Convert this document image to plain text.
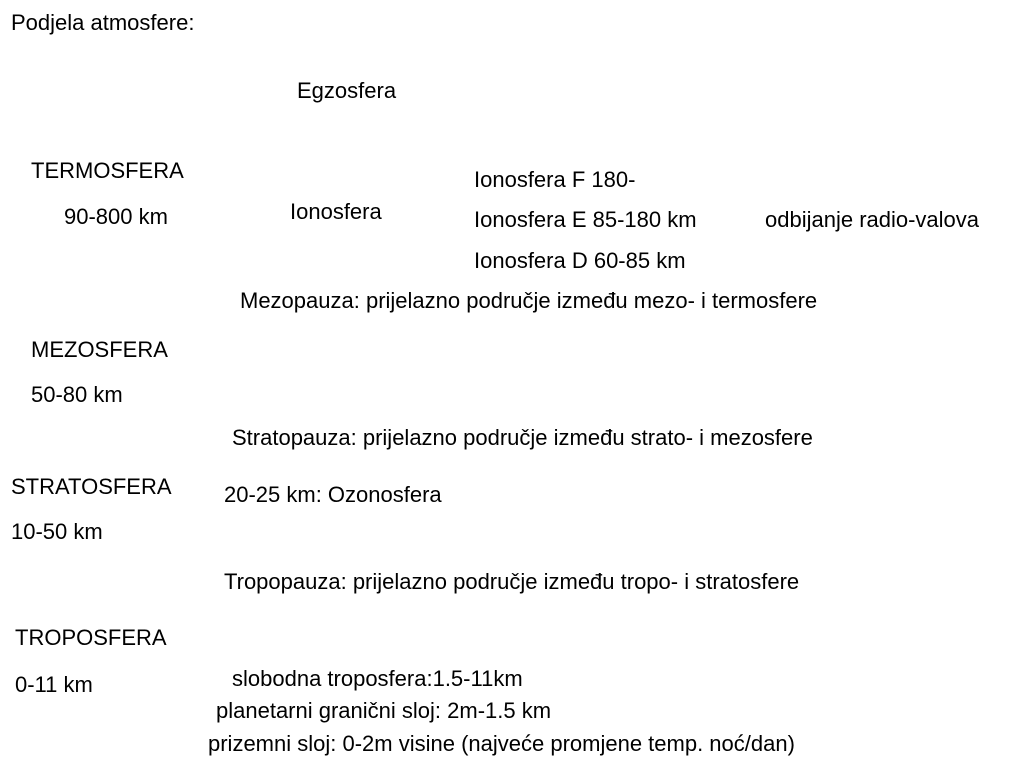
Podjela atmosfere:
Egzosfera
TERMOSFERA
90-800 km	Ionosfera
Ionosfera F 180-
Ionosfera E 85-180 km
Ionosfera D 60-85 km
odbijanje radio-valova
Mezopauza: prijelazno područje između mezo- i termosfere
MEZOSFERA
50-80 km
Stratopauza: prijelazno područje između strato- i mezosfere
STRATOSFERA 20-25 km: Ozonosfera
10-50 km
Tropopauza: prijelazno područje između tropo- i stratosfere
TROPOSFERA
0-11 km	slobodna troposfera:1.5-11km
planetarni granični sloj: 2m-1.5 km
prizemni sloj: 0-2m visine (najveće promjene temp. noć/dan)
